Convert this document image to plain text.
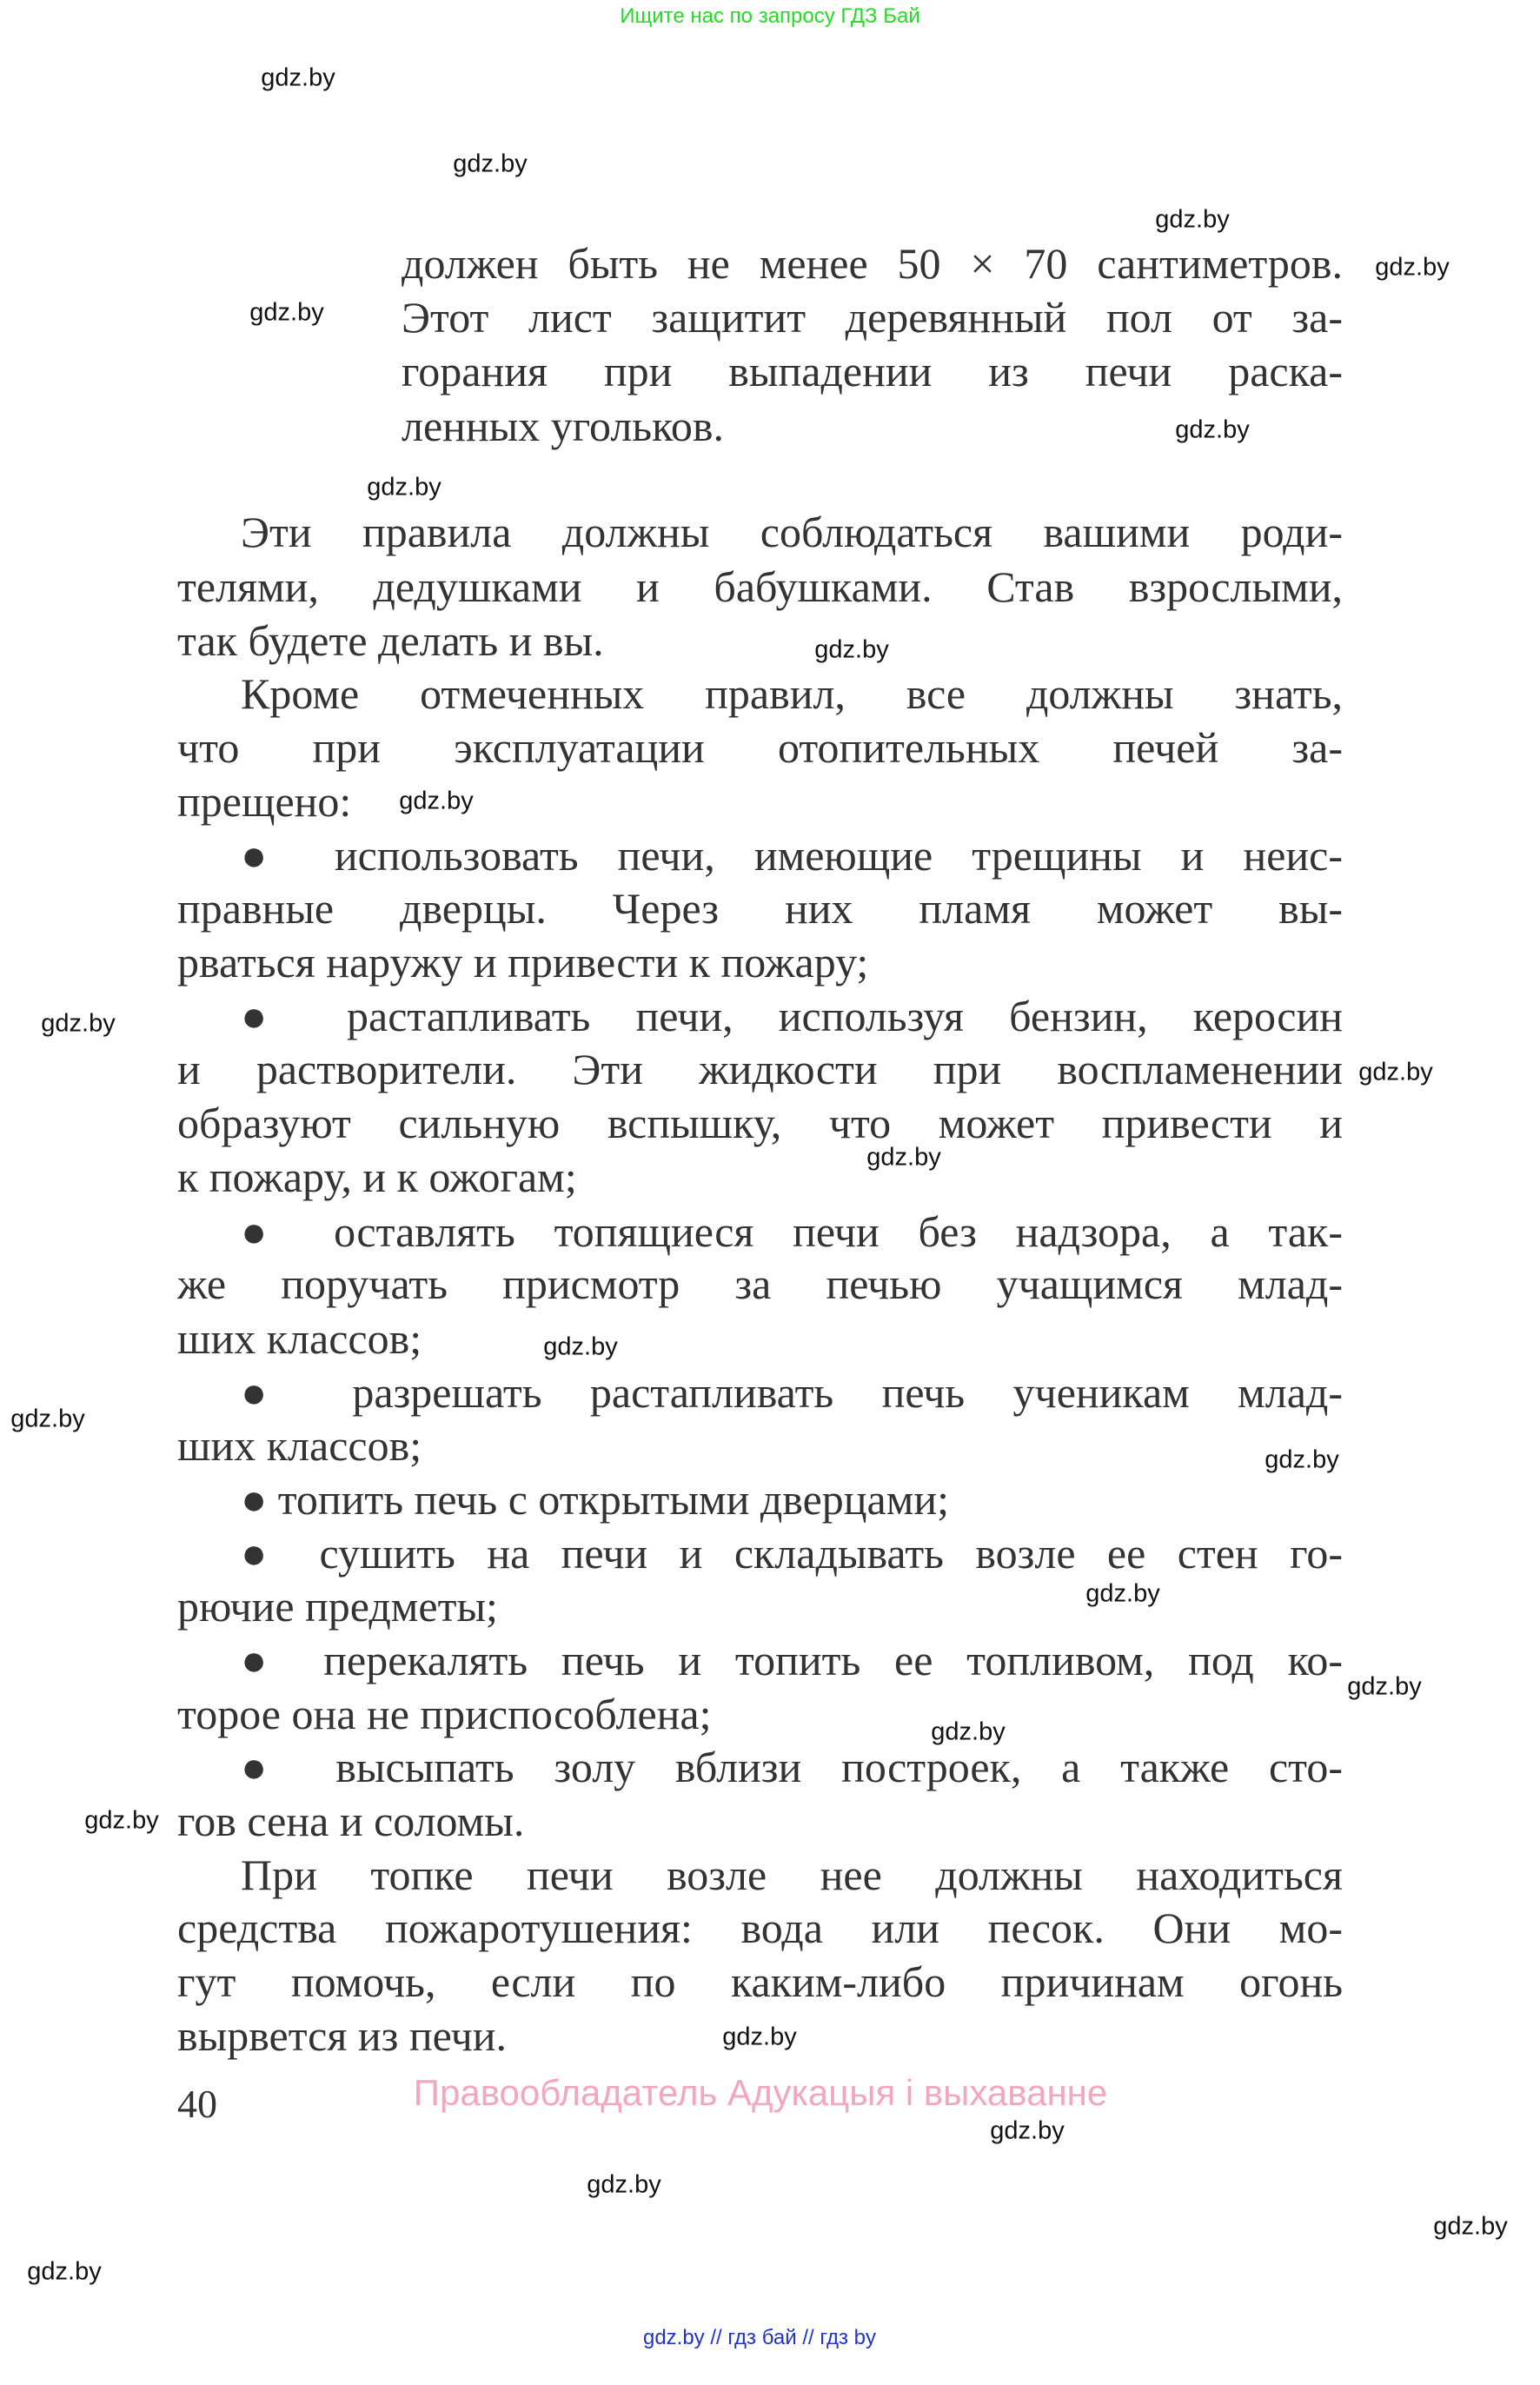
Ищите нас по запросу ГДЗ Бай
должен быть не менее 50 × 70 сантиметров.
Этот лист защитит деревянный пол от за-
горания при выпадении из печи раска-
ленных угольков.
Эти правила должны соблюдаться вашими роди-
телями, дедушками и бабушками. Став взрослыми,
так будете делать и вы.
Кроме отмеченных правил, все должны знать,
что при эксплуатации отопительных печей за-
прещено:
● использовать печи, имеющие трещины и неис-
правные дверцы. Через них пламя может вы-
рваться наружу и привести к пожару;
● растапливать печи, используя бензин, керосин
и растворители. Эти жидкости при воспламенении
образуют сильную вспышку, что может привести и
к пожару, и к ожогам;
● оставлять топящиеся печи без надзора, а так-
же поручать присмотр за печью учащимся млад-
ших классов;
● разрешать растапливать печь ученикам млад-
ших классов;
● топить печь с открытыми дверцами;
● сушить на печи и складывать возле ее стен го-
рючие предметы;
● перекалять печь и топить ее топливом, под ко-
торое она не приспособлена;
● высыпать золу вблизи построек, а также сто-
гов сена и соломы.
При топке печи возле нее должны находиться
средства пожаротушения: вода или песок. Они мо-
гут помочь, если по каким-либо причинам огонь
вырвется из печи.
40	Правообладатель Адукацыя і выхаванне
gdz.by
gdz.by
gdz.by
gdz.by
gdz.by
gdz.by
gdz.by
gdz.by
gdz.by
gdz.by
gdz.by
gdz.by
gdz.by
gdz.by
gdz.by
gdz.by
gdz.by
gdz.by
gdz.by
gdz.by
gdz.by
gdz.by
gdz.by
gdz.by
gdz.by // гдз бай // гдз by
